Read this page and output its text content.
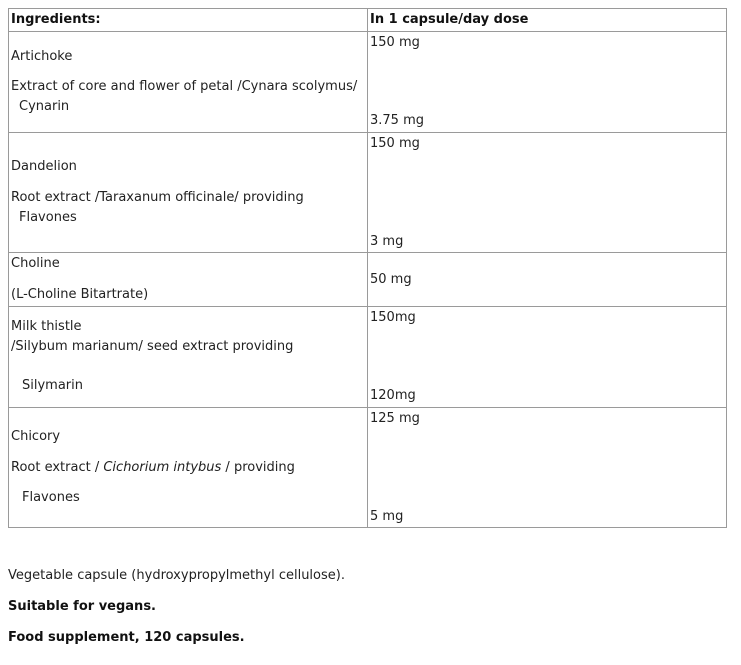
Ingredients:	In 1 capsule/day dose
Artichoke
Extract of core and flower of petal /Cynara scolymus/
Cynarin
150 mg
3.75 mg
Dandelion
Root extract /Taraxanum officinale/ providing
Flavones
150 mg
3 mg
Choline
(L-Choline Bitartrate)
50 mg
Milk thistle
/Silybum marianum/ seed extract providing
Silymarin
150mg
120mg
Chicory
Root extract / Cichorium intybus / providing
Flavones
125 mg
5 mg
Vegetable capsule (hydroxypropylmethyl cellulose).
Suitable for vegans.
Food supplement, 120 capsules.
